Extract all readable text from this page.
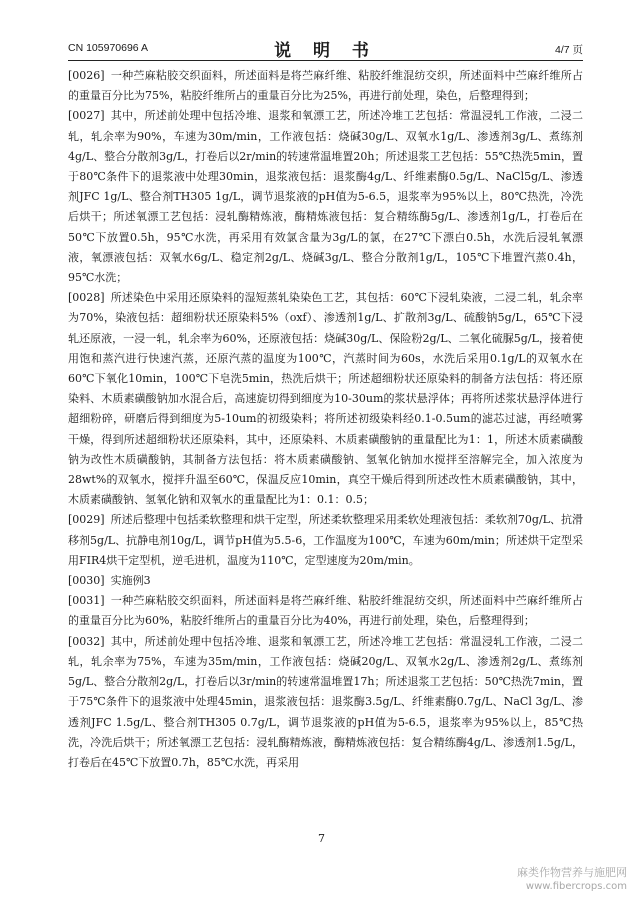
CN 105970696 A	说 明 书	4/7 页

[0026] 一种苎麻粘胶交织面料，所述面料是将苎麻纤维、粘胶纤维混纺交织，所述面料中苎麻纤维所占的重量百分比为75%，粘胶纤维所占的重量百分比为25%，再进行前处理，染色，后整理得到；

[0027] 其中，所述前处理中包括冷堆、退浆和氧漂工艺，所述冷堆工艺包括：常温浸轧工作液，二浸二轧，轧余率为90%，车速为30m/min，工作液包括：烧碱30g/L、双氧水1g/L、渗透剂3g/L、煮练剂4g/L、整合分散剂3g/L，打卷后以2r/min的转速常温堆置20h；所述退浆工艺包括：55℃热洗5min，置于80℃条件下的退浆液中处理30min，退浆液包括：退浆酶4g/L、纤维素酶0.5g/L、NaCl5g/L、渗透剂JFC 1g/L、整合剂TH305 1g/L，调节退浆液的pH值为5-6.5，退浆率为95%以上，80℃热洗，冷洗后烘干；所述氧漂工艺包括：浸轧酶精炼液，酶精炼液包括：复合精练酶5g/L、渗透剂1g/L，打卷后在50℃下放置0.5h，95℃水洗，再采用有效氯含量为3g/L的氯，在27℃下漂白0.5h，水洗后浸轧氧漂液，氧漂液包括：双氧水6g/L、稳定剂2g/L、烧碱3g/L、整合分散剂1g/L，105℃下堆置汽蒸0.4h，95℃水洗；

[0028] 所述染色中采用还原染料的湿短蒸轧染染色工艺，其包括：60℃下浸轧染液，二浸二轧，轧余率为70%，染液包括：超细粉状还原染料5%（oxf）、渗透剂1g/L、扩散剂3g/L、硫酸钠5g/L，65℃下浸轧还原液，一浸一轧，轧余率为60%，还原液包括：烧碱30g/L、保险粉2g/L、二氧化硫脲5g/L，接着使用饱和蒸汽进行快速汽蒸，还原汽蒸的温度为100℃，汽蒸时间为60s，水洗后采用0.1g/L的双氧水在60℃下氧化10min，100℃下皂洗5min，热洗后烘干；所述超细粉状还原染料的制备方法包括：将还原染料、木质素磺酸钠加水混合后，高速旋切得到细度为10-30um的浆状悬浮体；再将所述浆状悬浮体进行超细粉碎，研磨后得到细度为5-10um的初级染料；将所述初级染料经0.1-0.5um的滤芯过滤，再经喷雾干燥，得到所述超细粉状还原染料，其中，还原染料、木质素磺酸钠的重量配比为1：1，所述木质素磺酸钠为改性木质磺酸钠，其制备方法包括：将木质素磺酸钠、氢氧化钠加水搅拌至溶解完全，加入浓度为28wt%的双氧水，搅拌升温至60℃，保温反应10min，真空干燥后得到所述改性木质素磺酸钠，其中，木质素磺酸钠、氢氧化钠和双氧水的重量配比为1：0.1：0.5；

[0029] 所述后整理中包括柔软整理和烘干定型，所述柔软整理采用柔软处理液包括：柔软剂70g/L、抗滑移剂5g/L、抗静电剂10g/L，调节pH值为5.5-6，工作温度为100℃，车速为60m/min；所述烘干定型采用FIR4烘干定型机，逆毛进机，温度为110℃，定型速度为20m/min。

[0030] 实施例3

[0031] 一种苎麻粘胶交织面料，所述面料是将苎麻纤维、粘胶纤维混纺交织，所述面料中苎麻纤维所占的重量百分比为60%，粘胶纤维所占的重量百分比为40%，再进行前处理，染色，后整理得到；

[0032] 其中，所述前处理中包括冷堆、退浆和氧漂工艺，所述冷堆工艺包括：常温浸轧工作液，二浸二轧，轧余率为75%，车速为35m/min，工作液包括：烧碱20g/L、双氧水2g/L、渗透剂2g/L、煮练剂5g/L、整合分散剂2g/L，打卷后以3r/min的转速常温堆置17h；所述退浆工艺包括：50℃热洗7min，置于75℃条件下的退浆液中处理45min，退浆液包括：退浆酶3.5g/L、纤维素酶0.7g/L、NaCl 3g/L、渗透剂JFC 1.5g/L、整合剂TH305 0.7g/L，调节退浆液的pH值为5-6.5，退浆率为95%以上，85℃热洗，冷洗后烘干；所述氧漂工艺包括：浸轧酶精炼液，酶精炼液包括：复合精练酶4g/L、渗透剂1.5g/L，打卷后在45℃下放置0.7h，85℃水洗，再采用

7
麻类作物营养与施肥网
www.fibercrops.com
